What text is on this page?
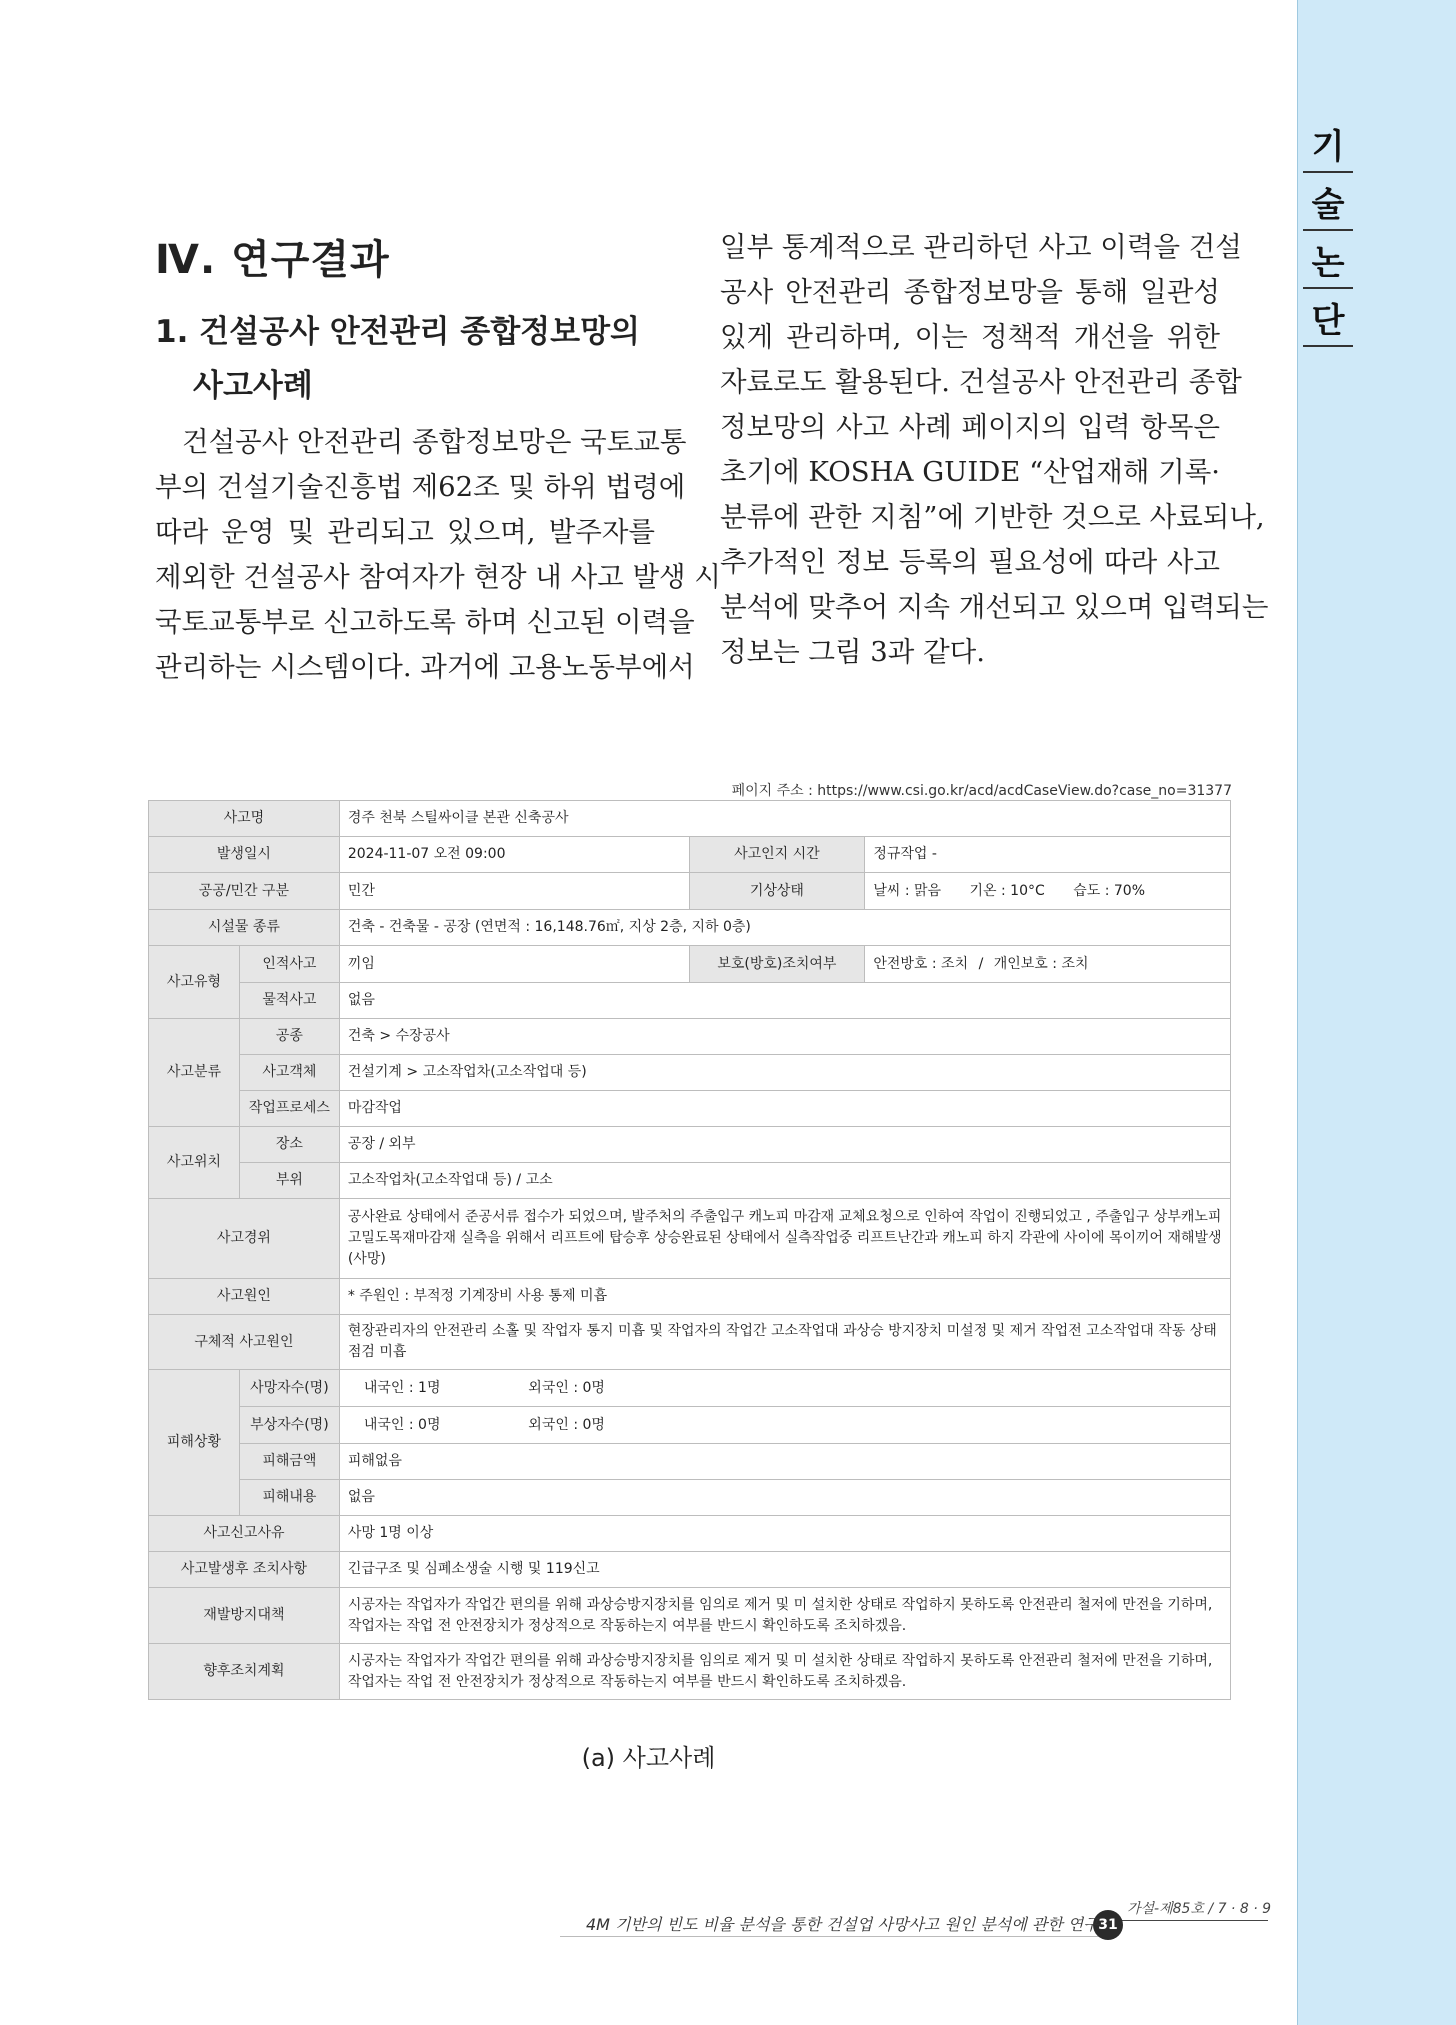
기
술
논
단
Ⅳ. 연구결과
1. 건설공사 안전관리 종합정보망의
사고사례
건설공사 안전관리 종합정보망은 국토교통
부의 건설기술진흥법 제62조 및 하위 법령에
따라 운영 및 관리되고 있으며, 발주자를
제외한 건설공사 참여자가 현장 내 사고 발생 시
국토교통부로 신고하도록 하며 신고된 이력을
관리하는 시스템이다. 과거에 고용노동부에서
일부 통계적으로 관리하던 사고 이력을 건설
공사 안전관리 종합정보망을 통해 일관성
있게 관리하며, 이는 정책적 개선을 위한
자료로도 활용된다. 건설공사 안전관리 종합
정보망의 사고 사례 페이지의 입력 항목은
초기에 KOSHA GUIDE “산업재해 기록·
분류에 관한 지침”에 기반한 것으로 사료되나,
추가적인 정보 등록의 필요성에 따라 사고
분석에 맞추어 지속 개선되고 있으며 입력되는
정보는 그림 3과 같다.
페이지 주소 : https://www.csi.go.kr/acd/acdCaseView.do?case_no=31377
사고명		경주 천북 스틸싸이클 본관 신축공사		
발생일시		2024-11-07 오전 09:00	사고인지 시간	정규작업 -
공공/민간 구분		민간	기상상태	날씨 : 맑음 기온 : 10°C 습도 : 70%
시설물 종류		건축 - 건축물 - 공장 (연면적 : 16,148.76㎡, 지상 2층, 지하 0층)		
사고유형	인적사고	끼임	보호(방호)조치여부	안전방호 : 조치 / 개인보호 : 조치
	물적사고	없음		
사고분류	공종	건축 > 수장공사		
	사고객체	건설기계 > 고소작업차(고소작업대 등)		
	작업프로세스	마감작업		
사고위치	장소	공장 / 외부		
	부위	고소작업차(고소작업대 등) / 고소		
사고경위		공사완료 상태에서 준공서류 접수가 되었으며, 발주처의 주출입구 캐노피 마감재 교체요청으로 인하여 작업이 진행되었고 , 주출입구 상부캐노피 고밀도목재마감재 실측을 위해서 리프트에 탑승후 상승완료된 상태에서 실측작업중 리프트난간과 캐노피 하지 각관에 사이에 목이끼어 재해발생(사망)		
사고원인		* 주원인 : 부적정 기계장비 사용 통제 미흡		
구체적 사고원인		현장관리자의 안전관리 소홀 및 작업자 통지 미흡 및 작업자의 작업간 고소작업대 과상승 방지장치 미설정 및 제거 작업전 고소작업대 작동 상태 점검 미흡		
피해상황	사망자수(명)	내국인 : 1명 외국인 : 0명		
	부상자수(명)	내국인 : 0명 외국인 : 0명		
	피해금액	피해없음		
	피해내용	없음		
사고신고사유		사망 1명 이상		
사고발생후 조치사항		긴급구조 및 심폐소생술 시행 및 119신고		
재발방지대책		시공자는 작업자가 작업간 편의를 위해 과상승방지장치를 임의로 제거 및 미 설치한 상태로 작업하지 못하도록 안전관리 철저에 만전을 기하며, 작업자는 작업 전 안전장치가 정상적으로 작동하는지 여부를 반드시 확인하도록 조치하겠음.		
향후조치계획		시공자는 작업자가 작업간 편의를 위해 과상승방지장치를 임의로 제거 및 미 설치한 상태로 작업하지 못하도록 안전관리 철저에 만전을 기하며, 작업자는 작업 전 안전장치가 정상적으로 작동하는지 여부를 반드시 확인하도록 조치하겠음.		
(a) 사고사례
31
가설-제85호 / 7 · 8 · 9
4M 기반의 빈도 비율 분석을 통한 건설업 사망사고 원인 분석에 관한 연구
